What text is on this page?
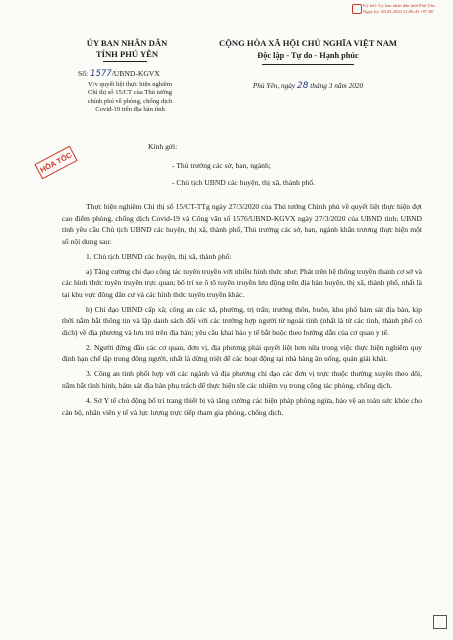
Ký bởi: Ủy ban nhân dân tỉnh Phú Yên
Ngày ký: 28.03.2020 21:06:45 +07:00
ỦY BAN NHÂN DÂN
TỈNH PHÚ YÊN
Số: 1577/UBND-KGVX
V/v quyết liệt thực hiện nghiêm
Chỉ thị số 15/CT của Thủ tướng
chính phủ về phòng, chống dịch
Covid-19 trên địa bàn tỉnh
CỘNG HÒA XÃ HỘI CHỦ NGHĨA VIỆT NAM
Độc lập - Tự do - Hạnh phúc
Phú Yên, ngày 28 tháng 3 năm 2020
HỎA TỐC
Kính gửi:
- Thủ trưởng các sở, ban, ngành;
- Chủ tịch UBND các huyện, thị xã, thành phố.

Thực hiện nghiêm Chỉ thị số 15/CT-TTg ngày 27/3/2020 của Thủ tướng Chính phủ về quyết liệt thực hiện đợt cao điểm phòng, chống dịch Covid-19 và Công văn số 1576/UBND-KGVX ngày 27/3/2020 của UBND tỉnh; UBND tỉnh yêu cầu Chủ tịch UBND các huyện, thị xã, thành phố, Thủ trưởng các sở, ban, ngành khẩn trương thực hiện một số nội dung sau:

1. Chủ tịch UBND các huyện, thị xã, thành phố:

a) Tăng cường chỉ đạo công tác tuyên truyền với nhiều hình thức như: Phát trên hệ thống truyền thanh cơ sở và các hình thức tuyên truyền trực quan; bố trí xe ô tô tuyên truyền lưu động trên địa bàn huyện, thị xã, thành phố, nhất là tại khu vực đông dân cư và các hình thức tuyên truyền khác.

b) Chỉ đạo UBND cấp xã; công an các xã, phường, trị trấn; trưởng thôn, buôn, khu phố bám sát địa bàn, kịp thời nắm bắt thông tin và lập danh sách đối với các trường hợp người từ ngoài tỉnh (nhất là từ các tỉnh, thành phố có dịch) về địa phương và lưu trú trên địa bàn; yêu cầu khai báo y tế bắt buộc theo hướng dẫn của cơ quan y tế.

2. Người đứng đầu các cơ quan, đơn vị, địa phương phải quyết liệt hơn nữa trong việc thực hiện nghiêm quy định hạn chế tập trung đông người, nhất là dừng triệt để các hoạt động tại nhà hàng ăn uống, quán giải khát.

3. Công an tỉnh phối hợp với các ngành và địa phương chỉ đạo các đơn vị trực thuộc thường xuyên theo dõi, nắm bắt tình hình, bám sát địa bàn phụ trách để thực hiện tốt các nhiệm vụ trong công tác phòng, chống dịch.

4. Sở Y tế chủ động bố trí trang thiết bị và tăng cường các biện pháp phòng ngừa, bảo vệ an toàn sức khỏe cho cán bộ, nhân viên y tế và lực lượng trực tiếp tham gia phòng, chống dịch.
